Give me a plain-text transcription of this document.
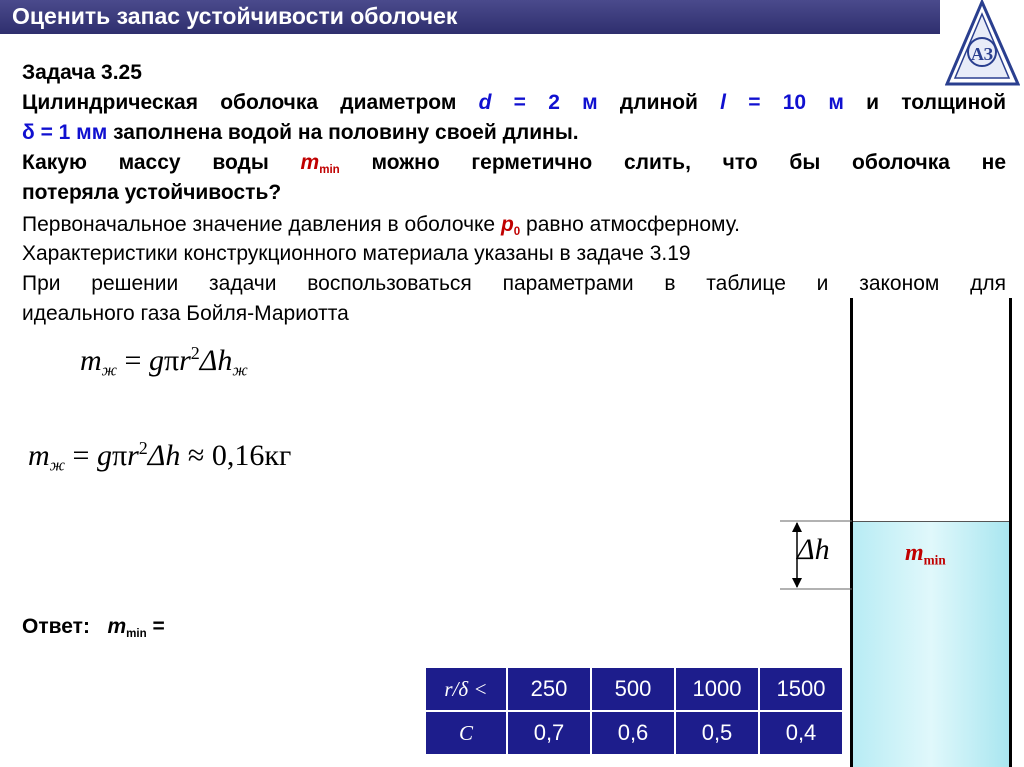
Оценить запас устойчивости оболочек
АЗ
Задача 3.25
Цилиндрическая оболочка диаметром d = 2 м длиной l = 10 м и толщиной
δ = 1 мм заполнена водой на половину своей длины.
Какую массу воды $m_{min}$ можно герметично слить, что бы оболочка не
потеряла устойчивость?
Первоначальное значение давления в оболочке $p_0$ равно атмосферному.
Характеристики конструкционного материала указаны в задаче 3.19
При решении задачи воспользоваться параметрами в таблице и законом для
идеального газа Бойля-Мариотта
$m_ж = g\pi r^2\Delta h_ж$
$m_ж = g\pi r^2\Delta h \approx 0,16кг$
Ответ: $m_{min}$ =
$m_{min}$
Δh
r/δ <	250	500	1000	1500
C	0,7	0,6	0,5	0,4
